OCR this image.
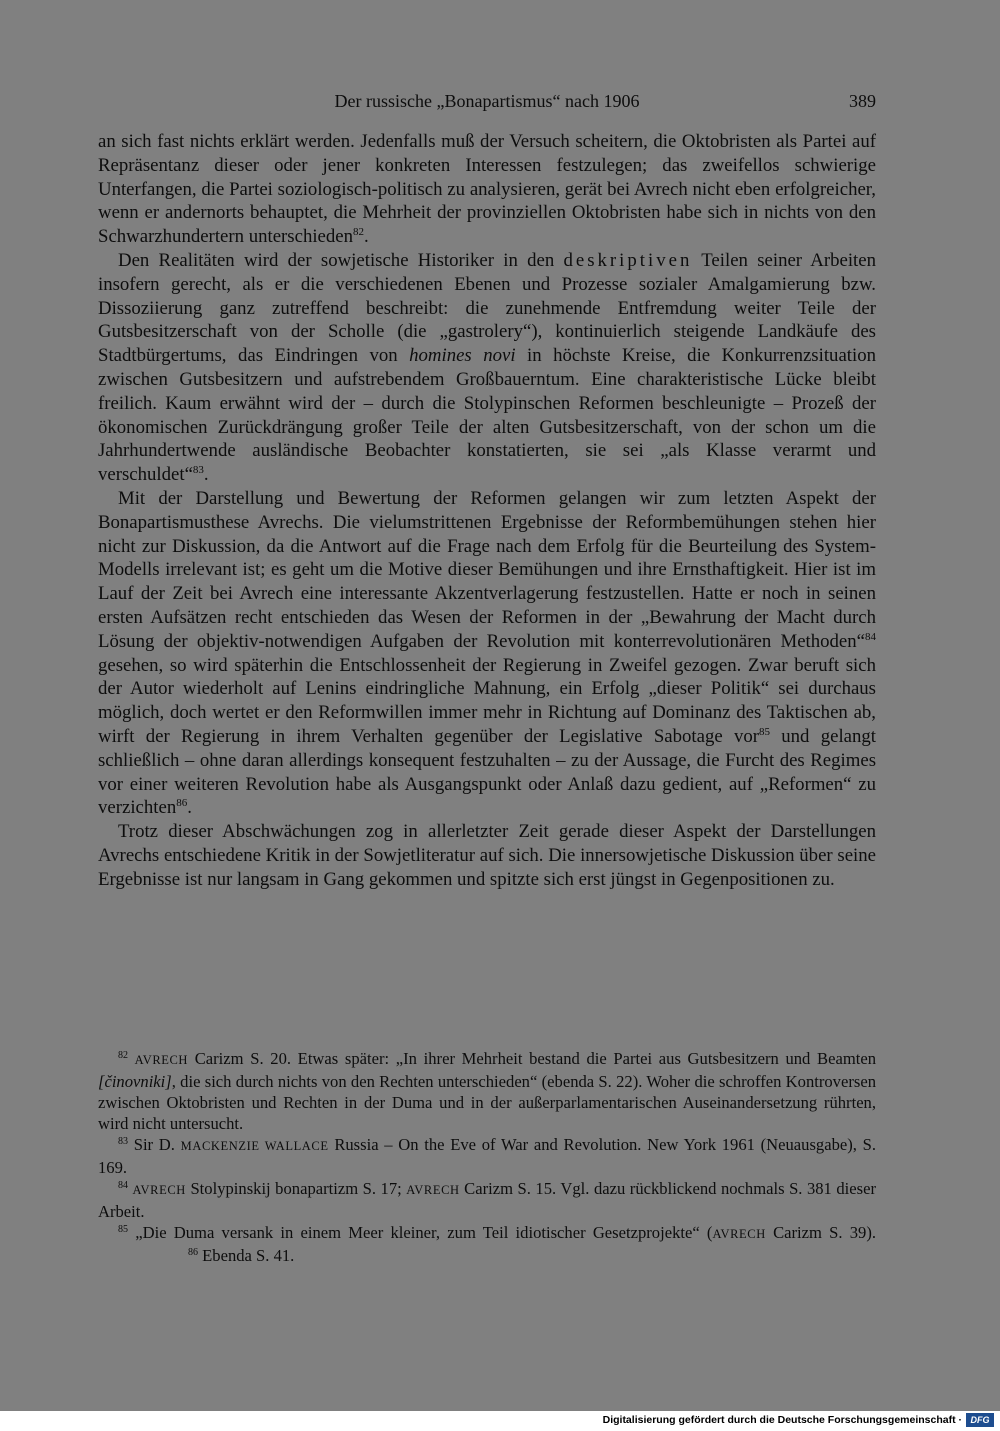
Der russische „Bonapartismus“ nach 1906	389

an sich fast nichts erklärt werden. Jedenfalls muß der Versuch scheitern, die Oktobristen als Partei auf Repräsentanz dieser oder jener konkreten Interessen festzulegen; das zweifellos schwierige Unterfangen, die Partei soziologisch-politisch zu analysieren, gerät bei Avrech nicht eben erfolgreicher, wenn er andernorts behauptet, die Mehrheit der provinziellen Oktobristen habe sich in nichts von den Schwarzhundertern unterschieden$^{82}$.

Den Realitäten wird der sowjetische Historiker in den deskriptiven Teilen seiner Arbeiten insofern gerecht, als er die verschiedenen Ebenen und Prozesse sozialer Amalgamierung bzw. Dissoziierung ganz zutreffend beschreibt: die zunehmende Entfremdung weiter Teile der Gutsbesitzerschaft von der Scholle (die „gastrolery“), kontinuierlich steigende Landkäufe des Stadtbürgertums, das Eindringen von homines novi in höchste Kreise, die Konkurrenzsituation zwischen Gutsbesitzern und aufstrebendem Großbauerntum. Eine charakteristische Lücke bleibt freilich. Kaum erwähnt wird der – durch die Stolypinschen Reformen beschleunigte – Prozeß der ökonomischen Zurückdrängung großer Teile der alten Gutsbesitzerschaft, von der schon um die Jahrhundertwende ausländische Beobachter konstatierten, sie sei „als Klasse verarmt und verschuldet“$^{83}$.

Mit der Darstellung und Bewertung der Reformen gelangen wir zum letzten Aspekt der Bonapartismusthese Avrechs. Die vielumstrittenen Ergebnisse der Reformbemühungen stehen hier nicht zur Diskussion, da die Antwort auf die Frage nach dem Erfolg für die Beurteilung des System-Modells irrelevant ist; es geht um die Motive dieser Bemühungen und ihre Ernsthaftigkeit. Hier ist im Lauf der Zeit bei Avrech eine interessante Akzentverlagerung festzustellen. Hatte er noch in seinen ersten Aufsätzen recht entschieden das Wesen der Reformen in der „Bewahrung der Macht durch Lösung der objektiv-notwendigen Aufgaben der Revolution mit konterrevolutionären Methoden“$^{84}$ gesehen, so wird späterhin die Entschlossenheit der Regierung in Zweifel gezogen. Zwar beruft sich der Autor wiederholt auf Lenins eindringliche Mahnung, ein Erfolg „dieser Politik“ sei durchaus möglich, doch wertet er den Reformwillen immer mehr in Richtung auf Dominanz des Taktischen ab, wirft der Regierung in ihrem Verhalten gegenüber der Legislative Sabotage vor$^{85}$ und gelangt schließlich – ohne daran allerdings konsequent festzuhalten – zu der Aussage, die Furcht des Regimes vor einer weiteren Revolution habe als Ausgangspunkt oder Anlaß dazu gedient, auf „Reformen“ zu verzichten$^{86}$.

Trotz dieser Abschwächungen zog in allerletzter Zeit gerade dieser Aspekt der Darstellungen Avrechs entschiedene Kritik in der Sowjetliteratur auf sich. Die innersowjetische Diskussion über seine Ergebnisse ist nur langsam in Gang gekommen und spitzte sich erst jüngst in Gegenpositionen zu.

$^{82}$ AVRECH Carizm S. 20. Etwas später: „In ihrer Mehrheit bestand die Partei aus Gutsbesitzern und Beamten [činovniki], die sich durch nichts von den Rechten unterschieden“ (ebenda S. 22). Woher die schroffen Kontroversen zwischen Oktobristen und Rechten in der Duma und in der außerparlamentarischen Auseinandersetzung rührten, wird nicht untersucht.

$^{83}$ Sir D. MACKENZIE WALLACE Russia – On the Eve of War and Revolution. New York 1961 (Neuausgabe), S. 169.

$^{84}$ AVRECH Stolypinskij bonapartizm S. 17; AVRECH Carizm S. 15. Vgl. dazu rückblickend nochmals S. 381 dieser Arbeit.

$^{85}$ „Die Duma versank in einem Meer kleiner, zum Teil idiotischer Gesetzprojekte“ (AVRECH Carizm S. 39).$^{86}$ Ebenda S. 41.

Digitalisierung gefördert durch die Deutsche Forschungsgemeinschaft · DFG
